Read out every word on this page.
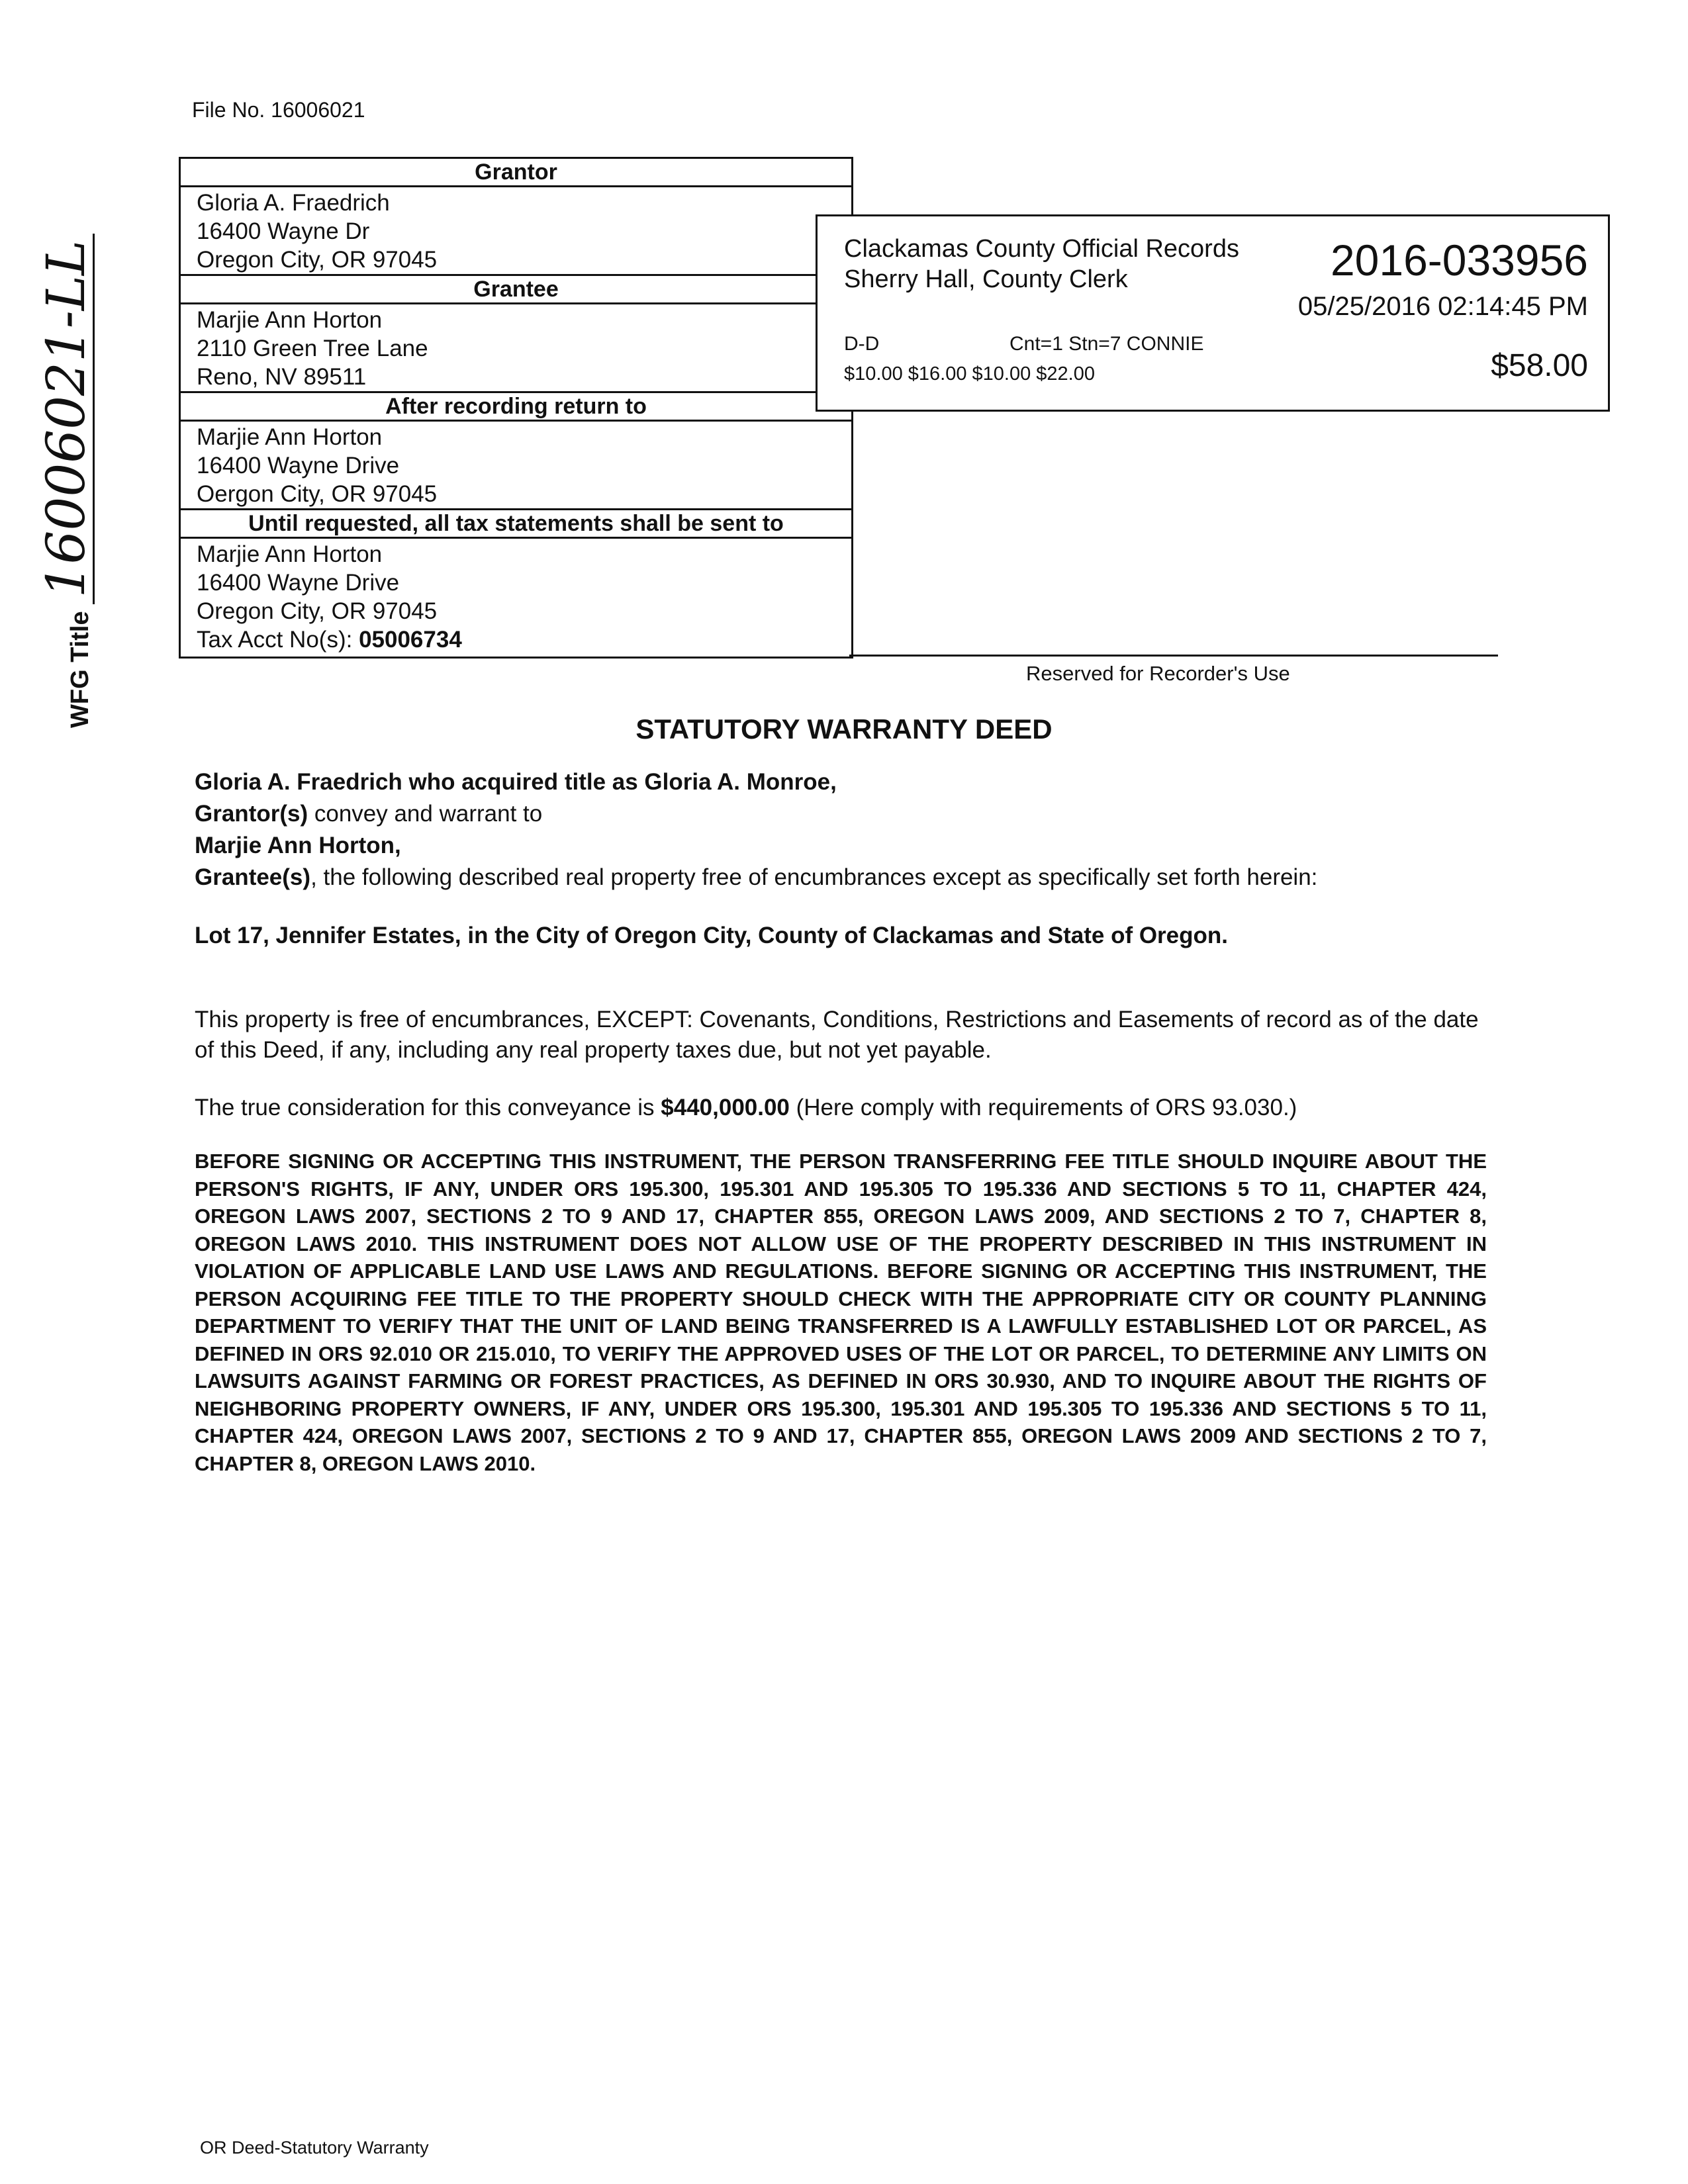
File No. 16006021
Grantor
Gloria A. Fraedrich
16400 Wayne Dr
Oregon City, OR 97045
Grantee
Marjie Ann Horton
2110 Green Tree Lane
Reno, NV 89511
After recording return to
Marjie Ann Horton
16400 Wayne Drive
Oergon City, OR 97045
Until requested, all tax statements shall be sent to
Marjie Ann Horton
16400 Wayne Drive
Oregon City, OR 97045
Tax Acct No(s): 05006734
Clackamas County Official Records
Sherry Hall, County Clerk	2016-033956
05/25/2016 02:14:45 PM
D-D	Cnt=1 Stn=7 CONNIE
$10.00 $16.00 $10.00 $22.00	$58.00
Reserved for Recorder's Use
WFG Title16006021-LL
STATUTORY WARRANTY DEED
Gloria A. Fraedrich who acquired title as Gloria A. Monroe,
Grantor(s) convey and warrant to
Marjie Ann Horton,
Grantee(s), the following described real property free of encumbrances except as specifically set forth herein:
Lot 17, Jennifer Estates, in the City of Oregon City, County of Clackamas and State of Oregon.
This property is free of encumbrances, EXCEPT: Covenants, Conditions, Restrictions and Easements of record as of the date of this Deed, if any, including any real property taxes due, but not yet payable.
The true consideration for this conveyance is $440,000.00 (Here comply with requirements of ORS 93.030.)
BEFORE SIGNING OR ACCEPTING THIS INSTRUMENT, THE PERSON TRANSFERRING FEE TITLE SHOULD INQUIRE ABOUT THE PERSON'S RIGHTS, IF ANY, UNDER ORS 195.300, 195.301 AND 195.305 TO 195.336 AND SECTIONS 5 TO 11, CHAPTER 424, OREGON LAWS 2007, SECTIONS 2 TO 9 AND 17, CHAPTER 855, OREGON LAWS 2009, AND SECTIONS 2 TO 7, CHAPTER 8, OREGON LAWS 2010. THIS INSTRUMENT DOES NOT ALLOW USE OF THE PROPERTY DESCRIBED IN THIS INSTRUMENT IN VIOLATION OF APPLICABLE LAND USE LAWS AND REGULATIONS. BEFORE SIGNING OR ACCEPTING THIS INSTRUMENT, THE PERSON ACQUIRING FEE TITLE TO THE PROPERTY SHOULD CHECK WITH THE APPROPRIATE CITY OR COUNTY PLANNING DEPARTMENT TO VERIFY THAT THE UNIT OF LAND BEING TRANSFERRED IS A LAWFULLY ESTABLISHED LOT OR PARCEL, AS DEFINED IN ORS 92.010 OR 215.010, TO VERIFY THE APPROVED USES OF THE LOT OR PARCEL, TO DETERMINE ANY LIMITS ON LAWSUITS AGAINST FARMING OR FOREST PRACTICES, AS DEFINED IN ORS 30.930, AND TO INQUIRE ABOUT THE RIGHTS OF NEIGHBORING PROPERTY OWNERS, IF ANY, UNDER ORS 195.300, 195.301 AND 195.305 TO 195.336 AND SECTIONS 5 TO 11, CHAPTER 424, OREGON LAWS 2007, SECTIONS 2 TO 9 AND 17, CHAPTER 855, OREGON LAWS 2009 AND SECTIONS 2 TO 7, CHAPTER 8, OREGON LAWS 2010.
OR Deed-Statutory Warranty
